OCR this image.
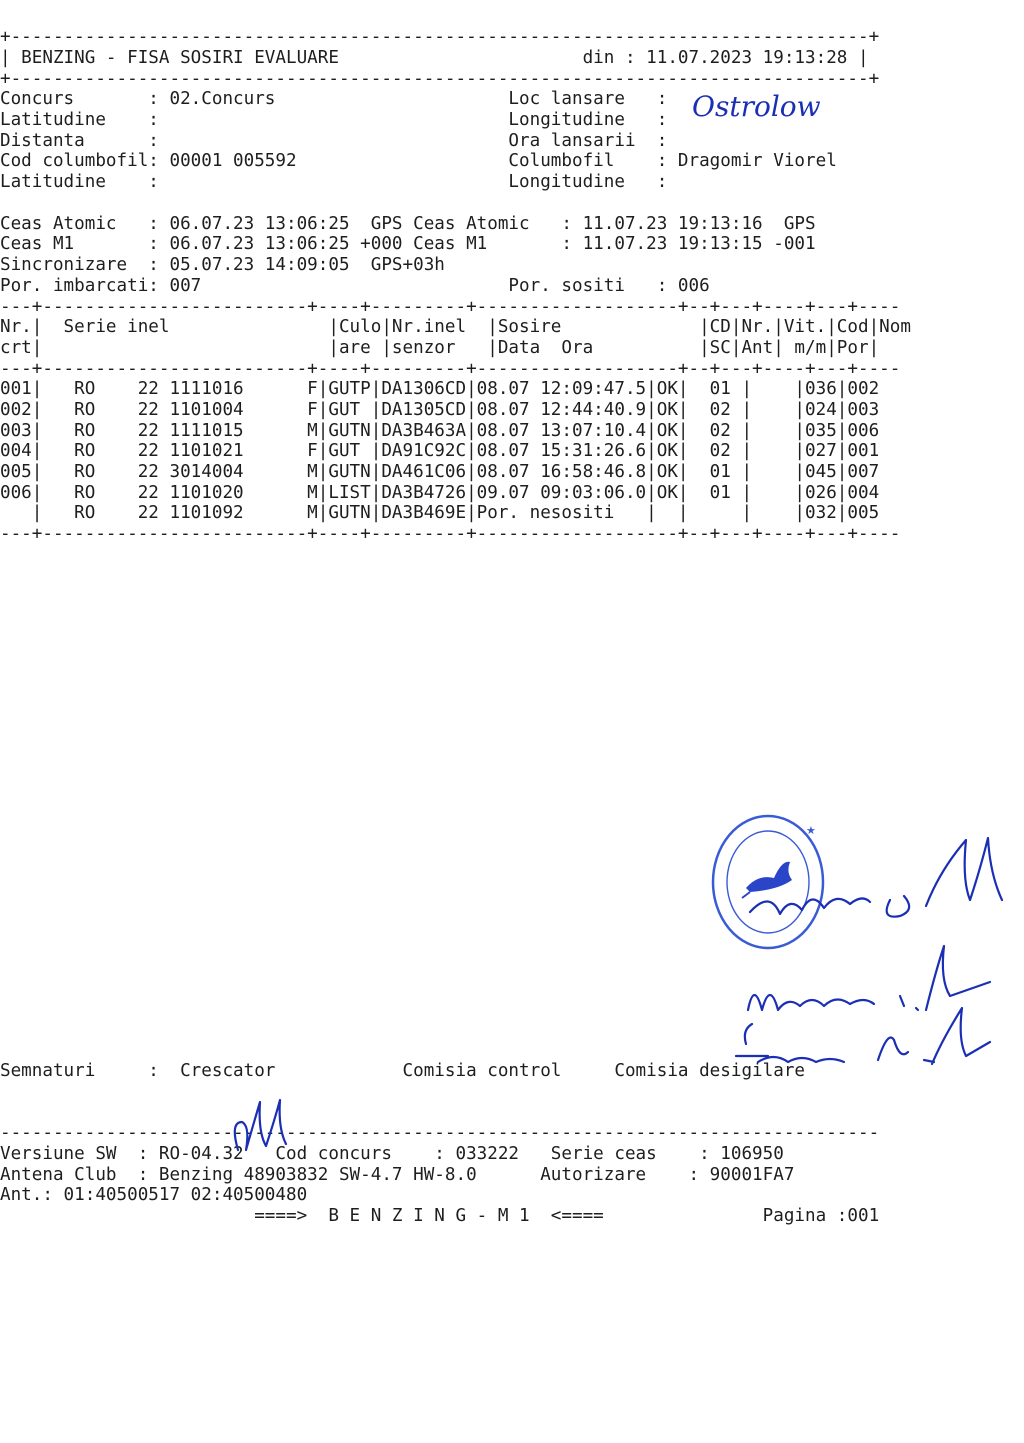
+---------------------------------------------------------------------------------+
| BENZING - FISA SOSIRI EVALUARE                       din : 11.07.2023 19:13:28 |
+---------------------------------------------------------------------------------+
Concurs       : 02.Concurs                      Loc lansare   :
Latitudine    :                                 Longitudine   :
Distanta      :                                 Ora lansarii  :
Cod columbofil: 00001 005592                    Columbofil    : Dragomir Viorel
Latitudine    :                                 Longitudine   :
Ceas Atomic   : 06.07.23 13:06:25  GPS Ceas Atomic   : 11.07.23 19:13:16  GPS
Ceas M1       : 06.07.23 13:06:25 +000 Ceas M1       : 11.07.23 19:13:15 -001
Sincronizare  : 05.07.23 14:09:05  GPS+03h
Por. imbarcati: 007                             Por. sositi   : 006
---+-------------------------+----+---------+-------------------+--+---+----+---+----
Nr.|  Serie inel               |Culo|Nr.inel  |Sosire             |CD|Nr.|Vit.|Cod|Nom
crt|                           |are |senzor   |Data  Ora          |SC|Ant| m/m|Por|
---+-------------------------+----+---------+-------------------+--+---+----+---+----
001|   RO    22 1111016      F|GUTP|DA1306CD|08.07 12:09:47.5|OK|  01 |    |036|002
002|   RO    22 1101004      F|GUT |DA1305CD|08.07 12:44:40.9|OK|  02 |    |024|003
003|   RO    22 1111015      M|GUTN|DA3B463A|08.07 13:07:10.4|OK|  02 |    |035|006
004|   RO    22 1101021      F|GUT |DA91C92C|08.07 15:31:26.6|OK|  02 |    |027|001
005|   RO    22 3014004      M|GUTN|DA461C06|08.07 16:58:46.8|OK|  01 |    |045|007
006|   RO    22 1101020      M|LIST|DA3B4726|09.07 09:03:06.0|OK|  01 |    |026|004
|   RO    22 1101092      M|GUTN|DA3B469E|Por. nesositi   |  |     |    |032|005
---+-------------------------+----+---------+-------------------+--+---+----+---+----
Semnaturi     :  Crescator            Comisia control     Comisia desigilare
-----------------------------------------------------------------------------------
Versiune SW  : RO-04.32   Cod concurs    : 033222   Serie ceas    : 106950
Antena Club  : Benzing 48903832 SW-4.7 HW-8.0      Autorizare    : 90001FA7
Ant.: 01:40500517 02:40500480
====>  B E N Z I N G - M 1  <====               Pagina :001
Ostrolow
★
